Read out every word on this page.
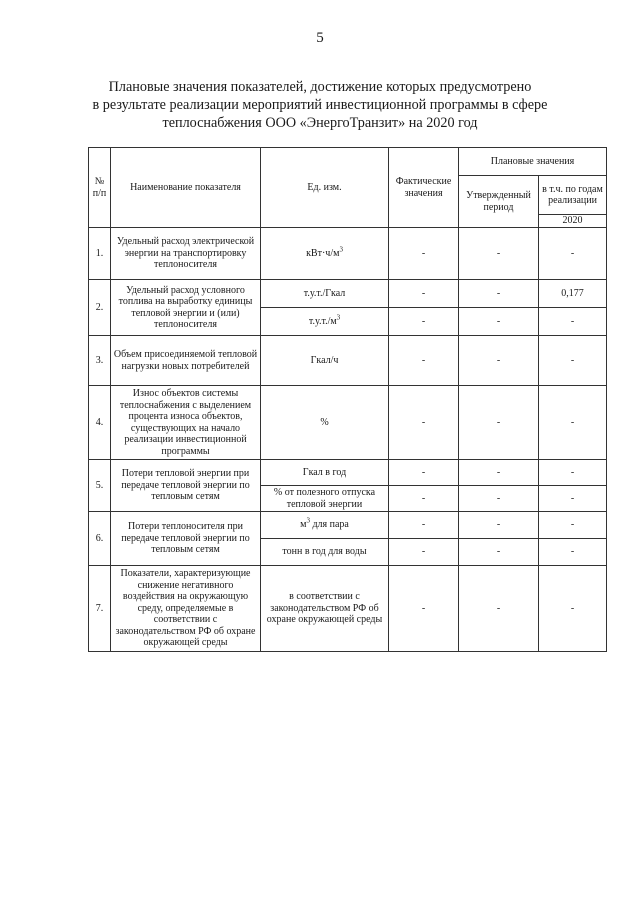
5
Плановые значения показателей, достижение которых предусмотрено
в результате реализации мероприятий инвестиционной программы в сфере
теплоснабжения ООО «ЭнергоТранзит» на 2020 год
№ п/п	Наименование показателя	Ед. изм.	Фактические значения	Плановые значения	
				Утвержденный период	в т.ч. по годам реализации
					2020
1.	Удельный расход электрической энергии на транспортировку теплоносителя	$кВт\cdot ч/м^3$	-	-	-
2.	Удельный расход условного топлива на выработку единицы тепловой энергии и (или) теплоносителя	т.у.т./Гкал	-	-	0,177
		$т.у.т./м^3$	-	-	-
3.	Объем присоединяемой тепловой нагрузки новых потребителей	Гкал/ч	-	-	-
4.	Износ объектов системы теплоснабжения с выделением процента износа объектов, существующих на начало реализации инвестиционной программы	%	-	-	-
5.	Потери тепловой энергии при передаче тепловой энергии по тепловым сетям	Гкал в год	-	-	-
		% от полезного отпуска тепловой энергии	-	-	-
6.	Потери теплоносителя при передаче тепловой энергии по тепловым сетям	$м^3$ для пара	-	-	-
		тонн в год для воды	-	-	-
7.	Показатели, характеризующие снижение негативного воздействия на окружающую среду, определяемые в соответствии с законодательством РФ об охране окружающей среды	в соответствии с законодательством РФ об охране окружающей среды	-	-	-
